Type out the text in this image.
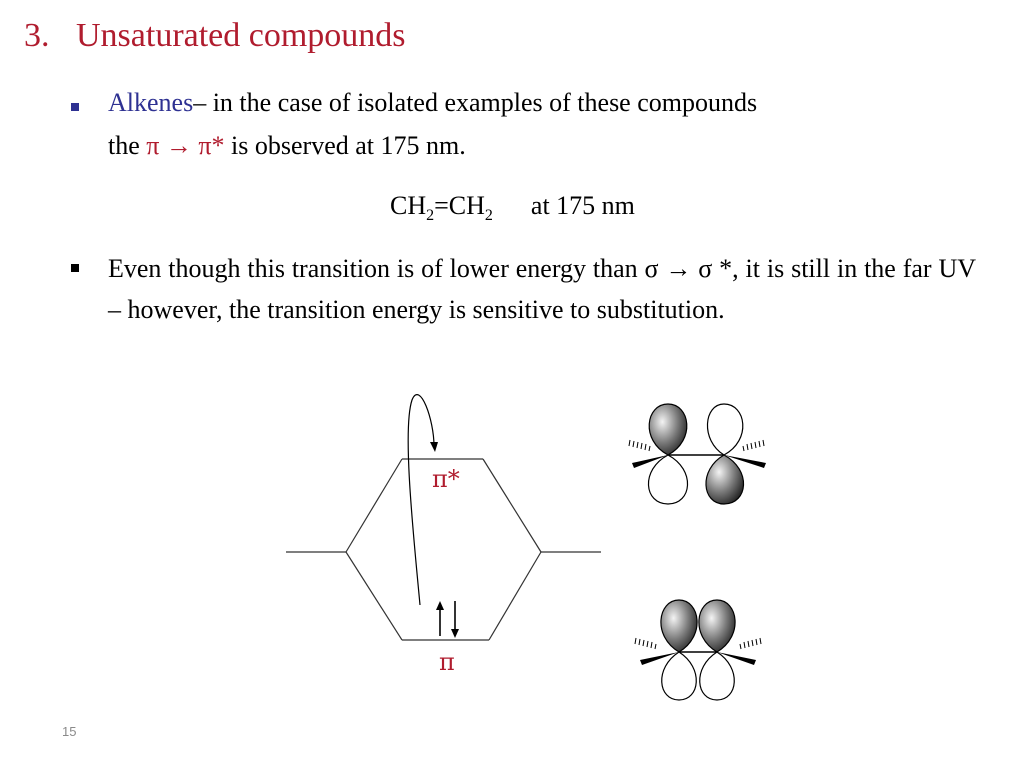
3. Unsaturated compounds
Alkenes– in the case of isolated examples of these compounds
the π → π* is observed at 175 nm.
$CH_2=CH_2$ at 175 nm
Even though this transition is of lower energy than σ → σ *, it is still in the far UV – however, the transition energy is sensitive to substitution.
π*
π
15
